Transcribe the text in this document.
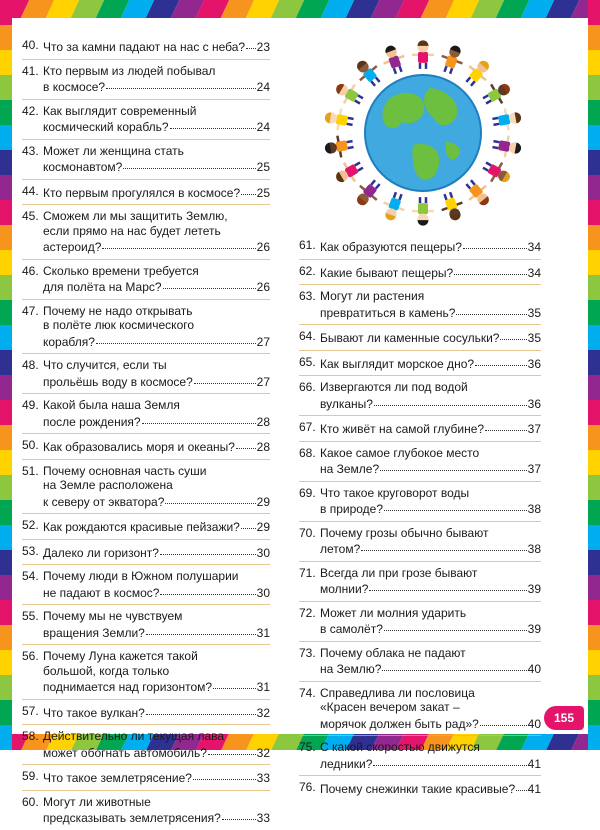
40. Что за камни падают на нас с неба? 23
41. Кто первым из людей побывал
в космосе?	24
42. Как выглядит современный
космический корабль?	24
43. Может ли женщина стать
космонавтом?	25
44. Кто первым прогулялся в космосе? 25
45. Сможем ли мы защитить Землю,
если прямо на нас будет лететь
астероид?	26
46. Сколько времени требуется
для полёта на Марс?	26
47. Почему не надо открывать
в полёте люк космического
корабля?	27
48. Что случится, если ты
прольёшь воду в космосе?	27
49. Какой была наша Земля
после рождения?	28
50. Как образовались моря и океаны? 28
51. Почему основная часть суши
на Земле расположена
к северу от экватора?	29
52. Как рождаются красивые пейзажи? 29
53. Далеко ли горизонт?	30
54. Почему люди в Южном полушарии
не падают в космос?	30
55. Почему мы не чувствуем
вращения Земли?	31
56. Почему Луна кажется такой
большой, когда только
поднимается над горизонтом?	31
57. Что такое вулкан?	32
58. Действительно ли текущая лава
может обогнать автомобиль?	32
59. Что такое землетрясение?	33
60. Могут ли животные
предсказывать землетрясения?	33
61. Как образуются пещеры?	34
62. Какие бывают пещеры?	34
63. Могут ли растения
превратиться в камень?	35
64. Бывают ли каменные сосульки? 35
65. Как выглядит морское дно?	36
66. Извергаются ли под водой
вулканы?	36
67. Кто живёт на самой глубине?	37
68. Какое самое глубокое место
на Земле?	37
69. Что такое круговорот воды
в природе?	38
70. Почему грозы обычно бывают
летом?	38
71. Всегда ли при грозе бывают
молнии?	39
72. Может ли молния ударить
в самолёт?	39
73. Почему облака не падают
на Землю?	40
74. Справедлива ли пословица
«Красен вечером закат –
морячок должен быть рад»?	40
75. С какой скоростью движутся
ледники?	41
76. Почему снежинки такие красивые? 41
155
